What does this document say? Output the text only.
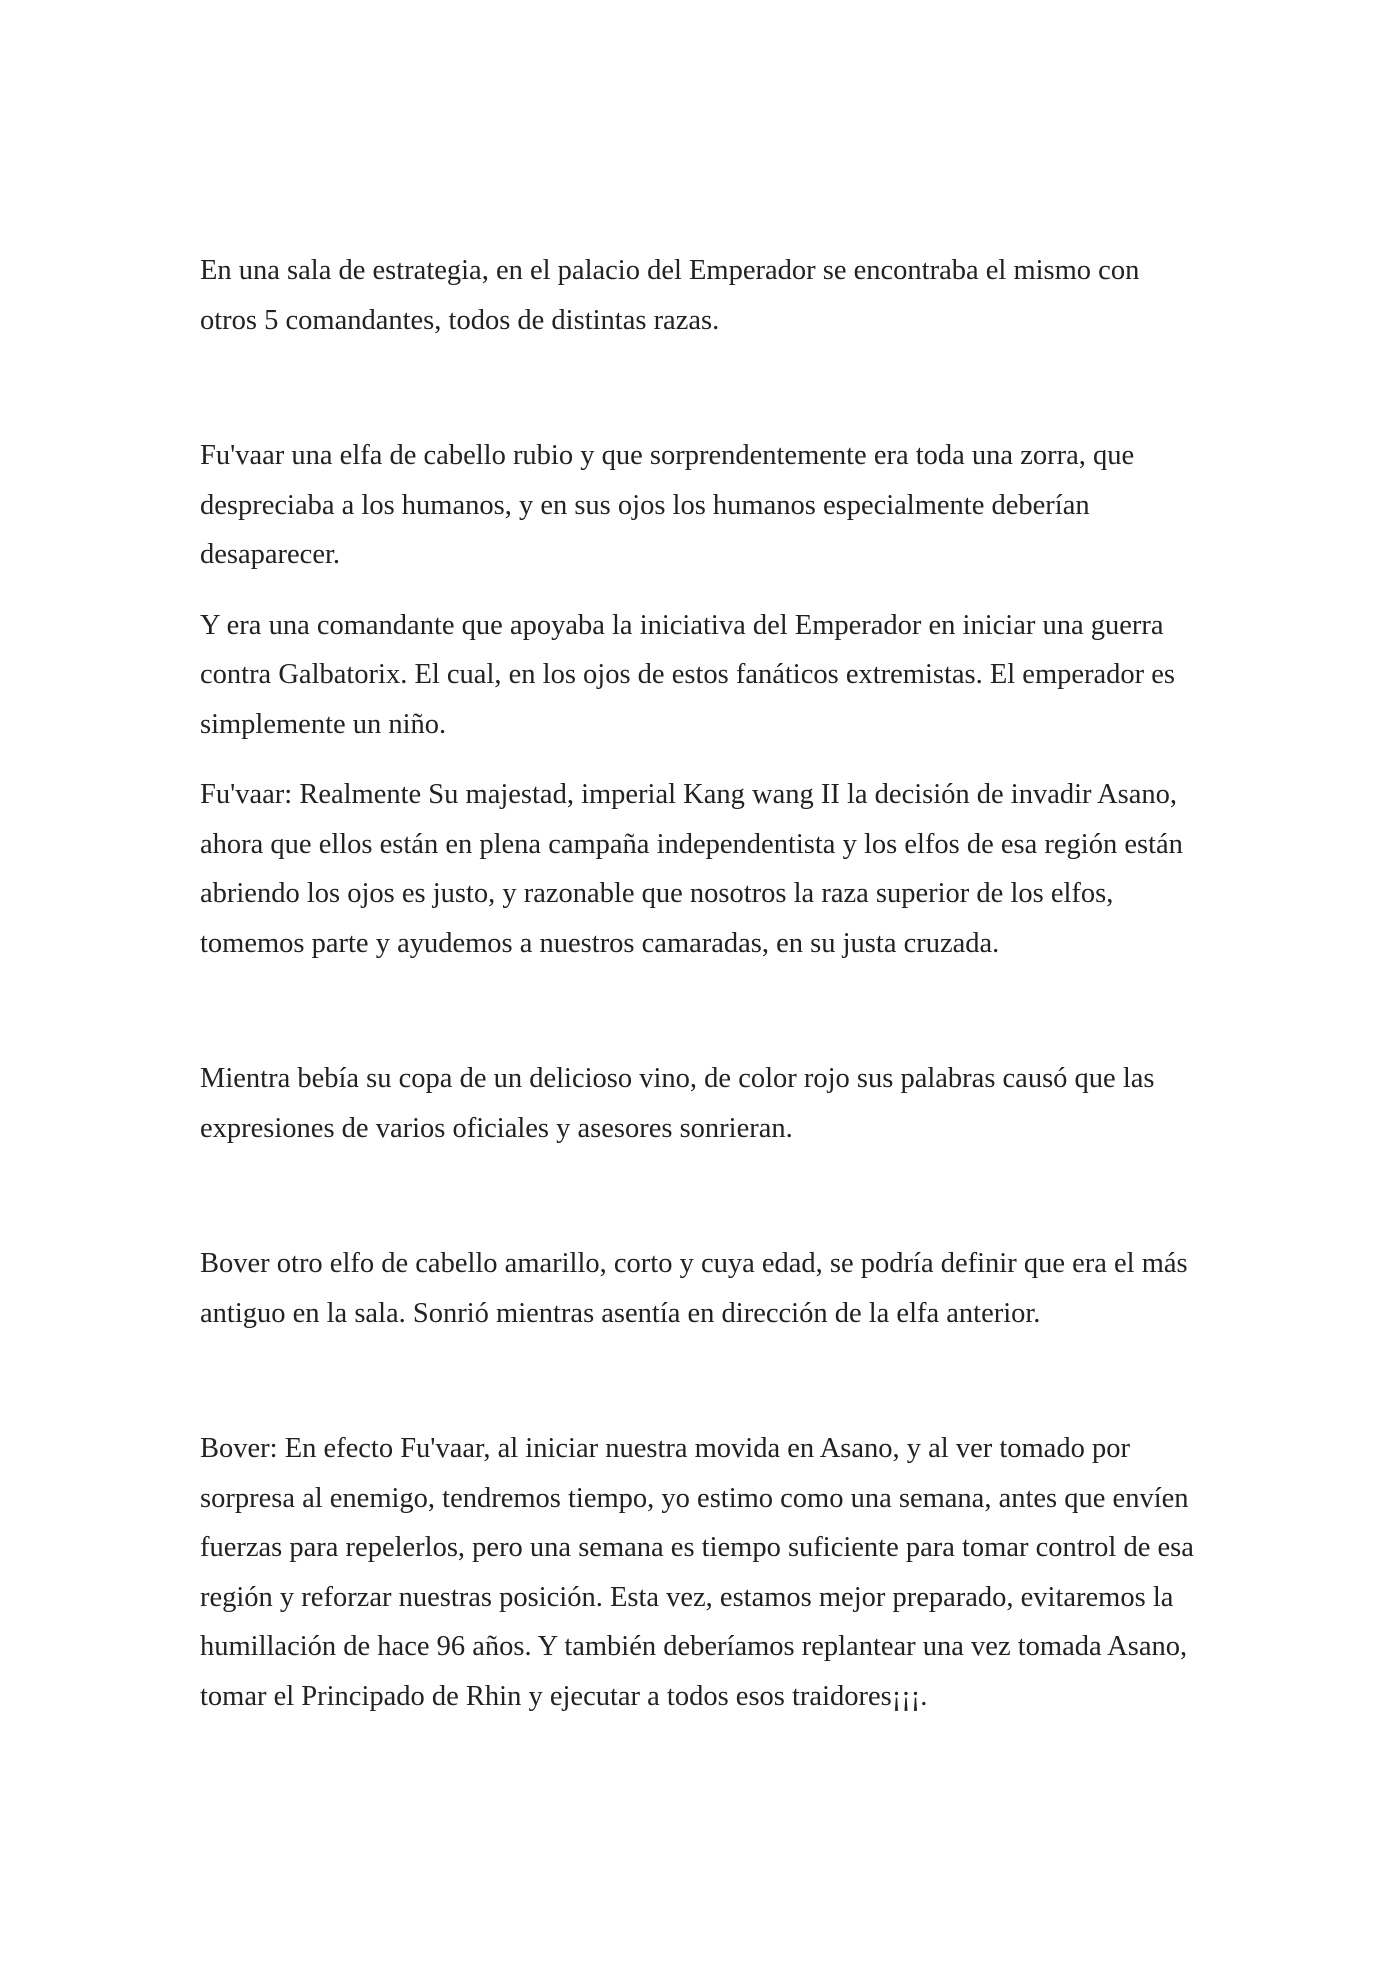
En una sala de estrategia, en el palacio del Emperador se encontraba el mismo con otros 5 comandantes, todos de distintas razas.

Fu'vaar una elfa de cabello rubio y que sorprendentemente era toda una zorra, que despreciaba a los humanos, y en sus ojos los humanos especialmente deberían desaparecer.

Y era una comandante que apoyaba la iniciativa del Emperador en iniciar una guerra contra Galbatorix. El cual, en los ojos de estos fanáticos extremistas. El emperador es simplemente un niño.

Fu'vaar: Realmente Su majestad, imperial Kang wang II la decisión de invadir Asano, ahora que ellos están en plena campaña independentista y los elfos de esa región están abriendo los ojos es justo, y razonable que nosotros la raza superior de los elfos, tomemos parte y ayudemos a nuestros camaradas, en su justa cruzada.

Mientra bebía su copa de un delicioso vino, de color rojo sus palabras causó que las expresiones de varios oficiales y asesores sonrieran.

Bover otro elfo de cabello amarillo, corto y cuya edad, se podría definir que era el más antiguo en la sala. Sonrió mientras asentía en dirección de la elfa anterior.

Bover: En efecto Fu'vaar, al iniciar nuestra movida en Asano, y al ver tomado por sorpresa al enemigo, tendremos tiempo, yo estimo como una semana, antes que envíen fuerzas para repelerlos, pero una semana es tiempo suficiente para tomar control de esa región y reforzar nuestras posición. Esta vez, estamos mejor preparado, evitaremos la humillación de hace 96 años. Y también deberíamos replantear una vez tomada Asano, tomar el Principado de Rhin y ejecutar a todos esos traidores¡¡¡.
